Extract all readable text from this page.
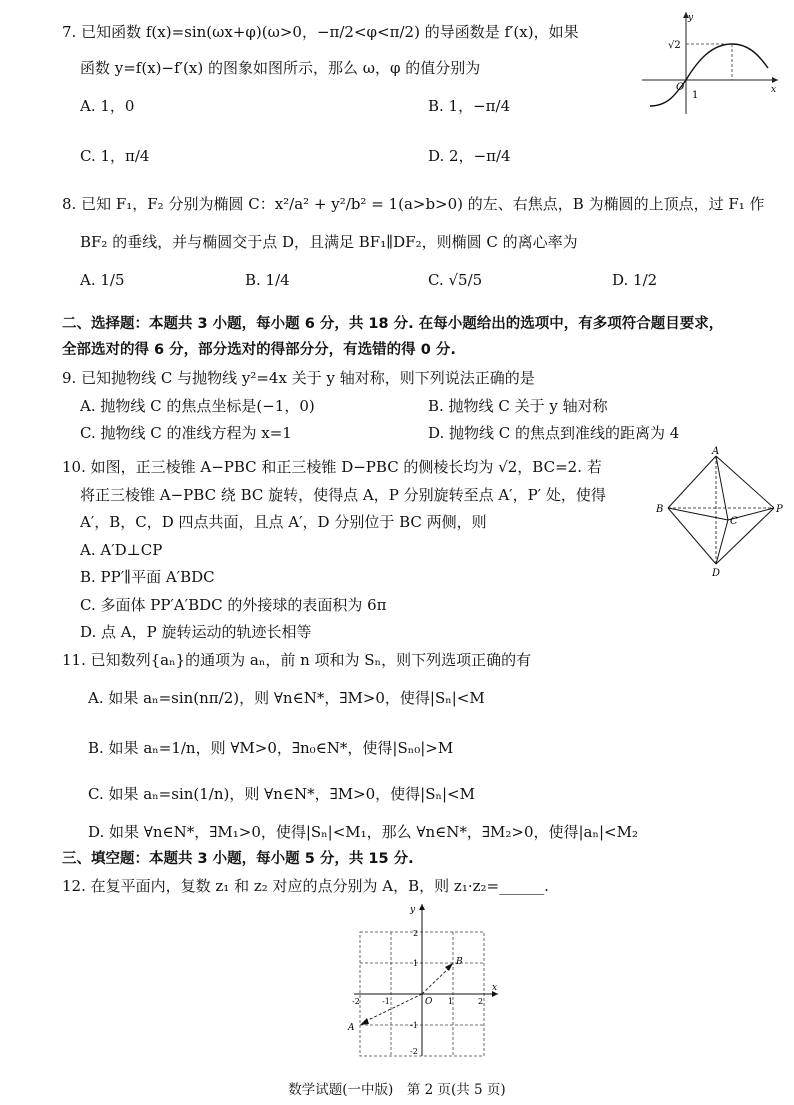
7. 已知函数 f(x)=sin(ωx+φ)(ω>0，−π/2<φ<π/2) 的导函数是 f′(x)，如果
函数 y=f(x)−f′(x) 的图象如图所示，那么 ω，φ 的值分别为
A. 1，0	B. 1，−π/4
C. 1，π/4	D. 2，−π/4
y
x
O
√2
1
8. 已知 F₁，F₂ 分别为椭圆 C：x²/a² + y²/b² = 1(a>b>0) 的左、右焦点，B 为椭圆的上顶点，过 F₁ 作
BF₂ 的垂线，并与椭圆交于点 D，且满足 BF₁∥DF₂，则椭圆 C 的离心率为
A. 1/5	B. 1/4	C. √5/5	D. 1/2
二、选择题：本题共 3 小题，每小题 6 分，共 18 分. 在每小题给出的选项中，有多项符合题目要求，
全部选对的得 6 分，部分选对的得部分分，有选错的得 0 分.
9. 已知抛物线 C 与抛物线 y²=4x 关于 y 轴对称，则下列说法正确的是
A. 抛物线 C 的焦点坐标是(−1，0)	B. 抛物线 C 关于 y 轴对称
C. 抛物线 C 的准线方程为 x=1	D. 抛物线 C 的焦点到准线的距离为 4
10. 如图，正三棱锥 A−PBC 和正三棱锥 D−PBC 的侧棱长均为 √2，BC=2. 若
将正三棱锥 A−PBC 绕 BC 旋转，使得点 A，P 分别旋转至点 A′，P′ 处，使得
A′，B，C，D 四点共面，且点 A′，D 分别位于 BC 两侧，则
A. A′D⊥CP
B. PP′∥平面 A′BDC
C. 多面体 PP′A′BDC 的外接球的表面积为 6π
D. 点 A，P 旋转运动的轨迹长相等
A
B	P
C
D
11. 已知数列{aₙ}的通项为 aₙ，前 n 项和为 Sₙ，则下列选项正确的有
A. 如果 aₙ=sin(nπ/2)，则 ∀n∈N*，∃M>0，使得|Sₙ|<M
B. 如果 aₙ=1/n，则 ∀M>0，∃n₀∈N*，使得|Sₙ₀|>M
C. 如果 aₙ=sin(1/n)，则 ∀n∈N*，∃M>0，使得|Sₙ|<M
D. 如果 ∀n∈N*，∃M₁>0，使得|Sₙ|<M₁，那么 ∀n∈N*，∃M₂>0，使得|aₙ|<M₂
三、填空题：本题共 3 小题，每小题 5 分，共 15 分.
12. 在复平面内，复数 z₁ 和 z₂ 对应的点分别为 A，B，则 z₁·z₂=______.
y
x
O
B
A
-2	-1	1	2
2
1
-1
-2
数学试题(一中版)　第 2 页(共 5 页)
